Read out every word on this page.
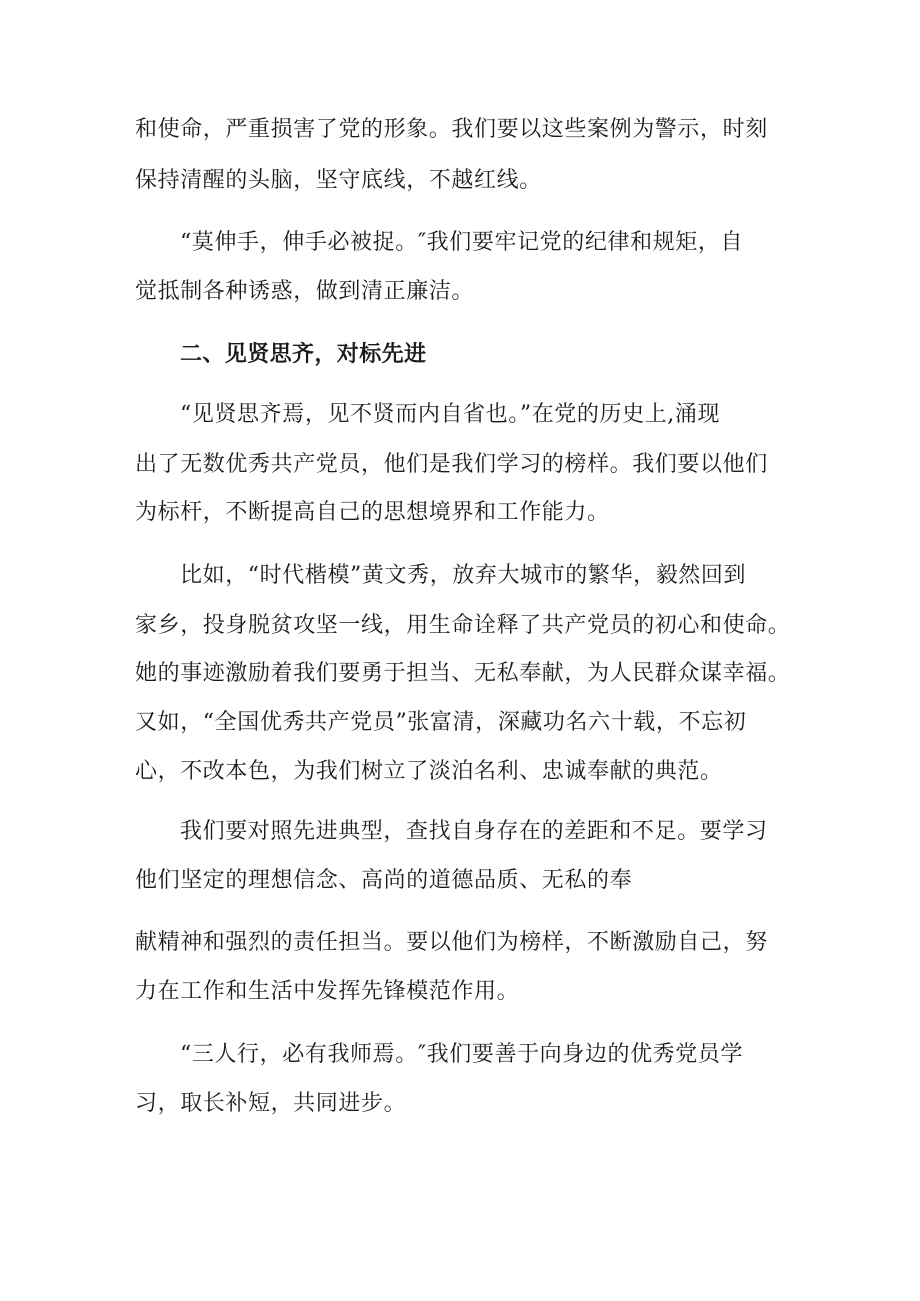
和使命，严重损害了党的形象。我们要以这些案例为警示，时刻
保持清醒的头脑，坚守底线，不越红线。
“莫伸手，伸手必被捉。″我们要牢记党的纪律和规矩，自
觉抵制各种诱惑，做到清正廉洁。
二、见贤思齐，对标先进
“见贤思齐焉，见不贤而内自省也。”在党的历史上,涌现
出了无数优秀共产党员，他们是我们学习的榜样。我们要以他们
为标杆，不断提高自己的思想境界和工作能力。
比如，“时代楷模”黄文秀，放弃大城市的繁华，毅然回到
家乡，投身脱贫攻坚一线，用生命诠释了共产党员的初心和使命。
她的事迹激励着我们要勇于担当、无私奉献，为人民群众谋幸福。
又如，“全国优秀共产党员”张富清，深藏功名六十载，不忘初
心，不改本色，为我们树立了淡泊名利、忠诚奉献的典范。
我们要对照先进典型，查找自身存在的差距和不足。要学习
他们坚定的理想信念、高尚的道德品质、无私的奉
献精神和强烈的责任担当。要以他们为榜样，不断激励自己，努
力在工作和生活中发挥先锋模范作用。
“三人行，必有我师焉。″我们要善于向身边的优秀党员学
习，取长补短，共同进步。
